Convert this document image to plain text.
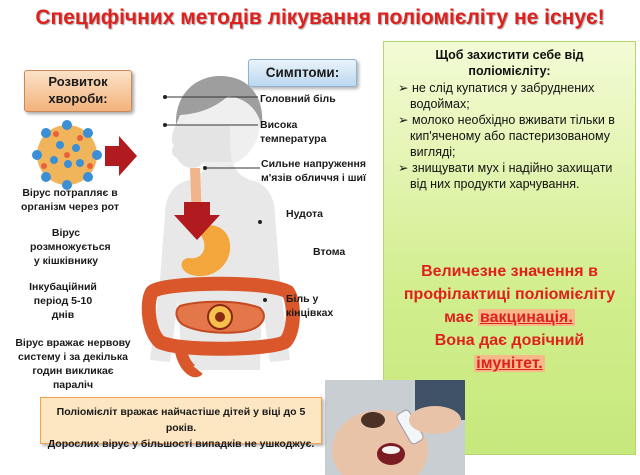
Специфічних методів лікування поліомієліту не існує!
Розвиток хвороби:
Симптоми:
Вірус потрапляє в організм через рот
Вірус розмножується у кішківнику
Інкубаційний період 5-10 днів
Вірус вражає нервову систему і за декілька годин викликає параліч
Головний біль
Висока температура
Сильне напруження м'язів обличчя і шиї
Нудота
Втома
Біль у кінцівках
Щоб захистити себе від поліомієліту:
➢ не слід купатися у забруднених водоймах;
➢ молоко необхідно вживати тільки в кип'яченому або пастеризованому вигляді;
➢ знищувати мух і надійно захищати від них продукти харчування.
Величезне значення в профілактиці поліомієліту має вакцинація.
Вона дає довічний
імунітет.
Поліомієліт вражає найчастіше дітей у віці до 5 років.
Дорослих вірус у більшості випадків не ушкоджує.
